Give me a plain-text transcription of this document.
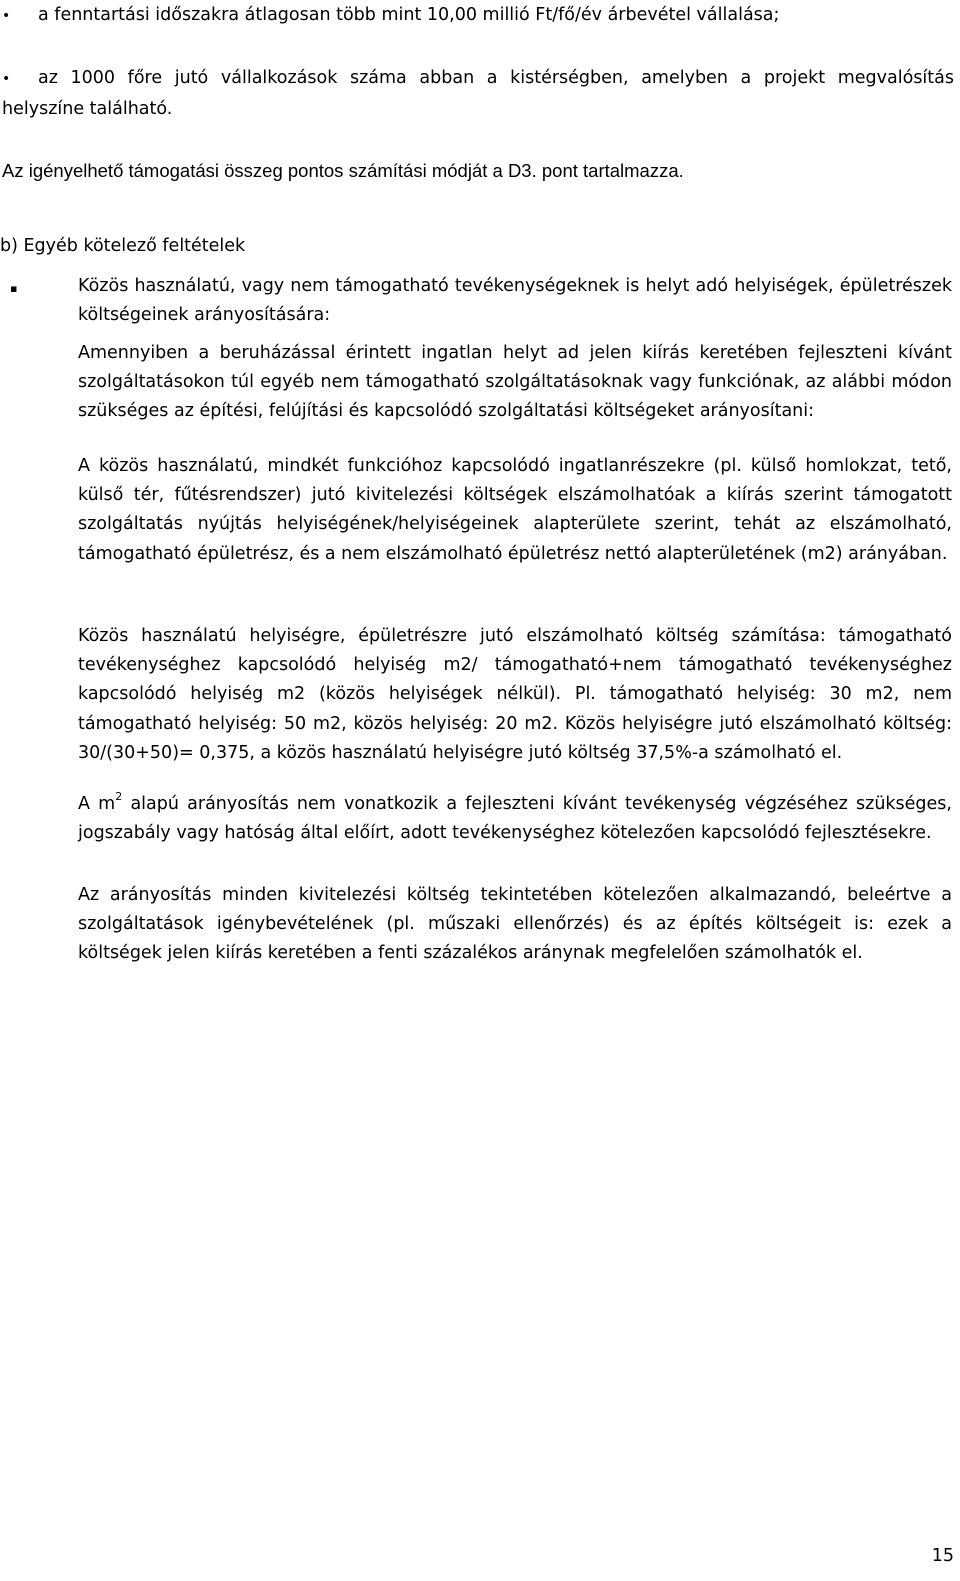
• a fenntartási időszakra átlagosan több mint 10,00 millió Ft/fő/év árbevétel vállalása;
• az 1000 főre jutó vállalkozások száma abban a kistérségben, amelyben a projekt megvalósítás helyszíne található.
Az igényelhető támogatási összeg pontos számítási módját a D3. pont tartalmazza.
b) Egyéb kötelező feltételek
▪	Közös használatú, vagy nem támogatható tevékenységeknek is helyt adó helyiségek, épületrészek költségeinek arányosítására:
Amennyiben a beruházással érintett ingatlan helyt ad jelen kiírás keretében fejleszteni kívánt szolgáltatásokon túl egyéb nem támogatható szolgáltatásoknak vagy funkciónak, az alábbi módon szükséges az építési, felújítási és kapcsolódó szolgáltatási költségeket arányosítani:
A közös használatú, mindkét funkcióhoz kapcsolódó ingatlanrészekre (pl. külső homlokzat, tető, külső tér, fűtésrendszer) jutó kivitelezési költségek elszámolhatóak a kiírás szerint támogatott szolgáltatás nyújtás helyiségének/helyiségeinek alapterülete szerint, tehát az elszámolható, támogatható épületrész, és a nem elszámolható épületrész nettó alapterületének (m2) arányában.
Közös használatú helyiségre, épületrészre jutó elszámolható költség számítása: támogatható tevékenységhez kapcsolódó helyiség m2/ támogatható+nem támogatható tevékenységhez kapcsolódó helyiség m2 (közös helyiségek nélkül). Pl. támogatható helyiség: 30 m2, nem támogatható helyiség: 50 m2, közös helyiség: 20 m2. Közös helyiségre jutó elszámolható költség: 30/(30+50)= 0,375, a közös használatú helyiségre jutó költség 37,5%-a számolható el.
A $m^2$ alapú arányosítás nem vonatkozik a fejleszteni kívánt tevékenység végzéséhez szükséges, jogszabály vagy hatóság által előírt, adott tevékenységhez kötelezően kapcsolódó fejlesztésekre.
Az arányosítás minden kivitelezési költség tekintetében kötelezően alkalmazandó, beleértve a szolgáltatások igénybevételének (pl. műszaki ellenőrzés) és az építés költségeit is: ezek a költségek jelen kiírás keretében a fenti százalékos aránynak megfelelően számolhatók el.
15
